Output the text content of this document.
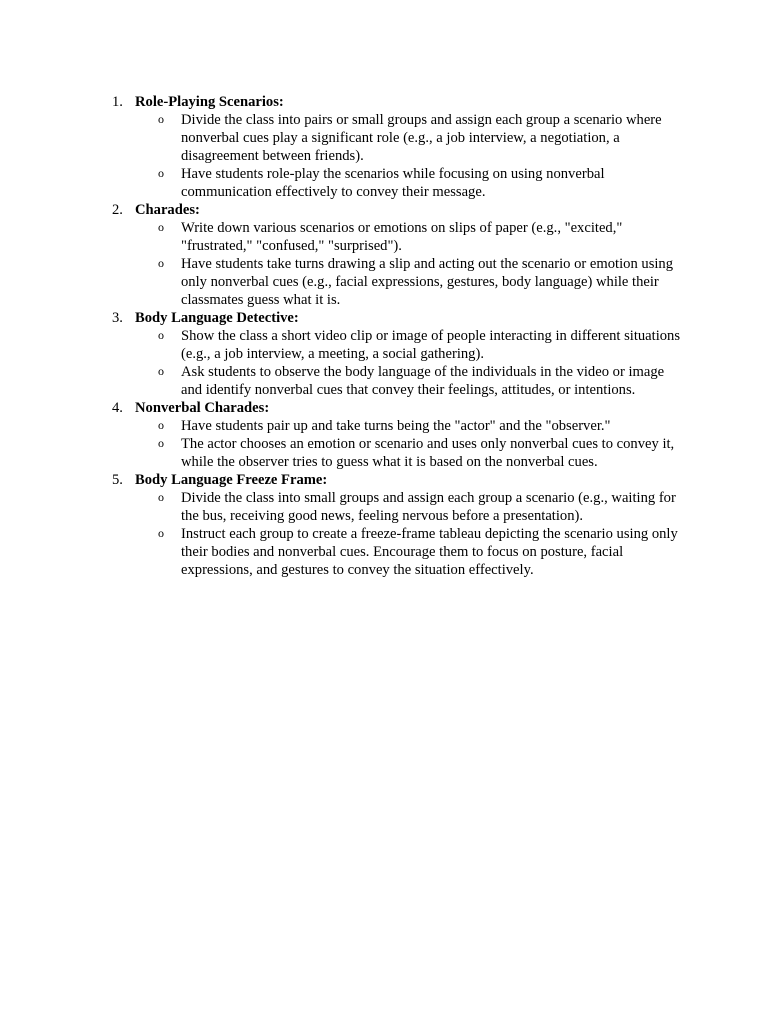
1. Role-Playing Scenarios:
o Divide the class into pairs or small groups and assign each group a scenario where nonverbal cues play a significant role (e.g., a job interview, a negotiation, a disagreement between friends).
o Have students role-play the scenarios while focusing on using nonverbal communication effectively to convey their message.
2. Charades:
o Write down various scenarios or emotions on slips of paper (e.g., "excited," "frustrated," "confused," "surprised").
o Have students take turns drawing a slip and acting out the scenario or emotion using only nonverbal cues (e.g., facial expressions, gestures, body language) while their classmates guess what it is.
3. Body Language Detective:
o Show the class a short video clip or image of people interacting in different situations (e.g., a job interview, a meeting, a social gathering).
o Ask students to observe the body language of the individuals in the video or image and identify nonverbal cues that convey their feelings, attitudes, or intentions.
4. Nonverbal Charades:
o Have students pair up and take turns being the "actor" and the "observer."
o The actor chooses an emotion or scenario and uses only nonverbal cues to convey it, while the observer tries to guess what it is based on the nonverbal cues.
5. Body Language Freeze Frame:
o Divide the class into small groups and assign each group a scenario (e.g., waiting for the bus, receiving good news, feeling nervous before a presentation).
o Instruct each group to create a freeze-frame tableau depicting the scenario using only their bodies and nonverbal cues. Encourage them to focus on posture, facial expressions, and gestures to convey the situation effectively.
